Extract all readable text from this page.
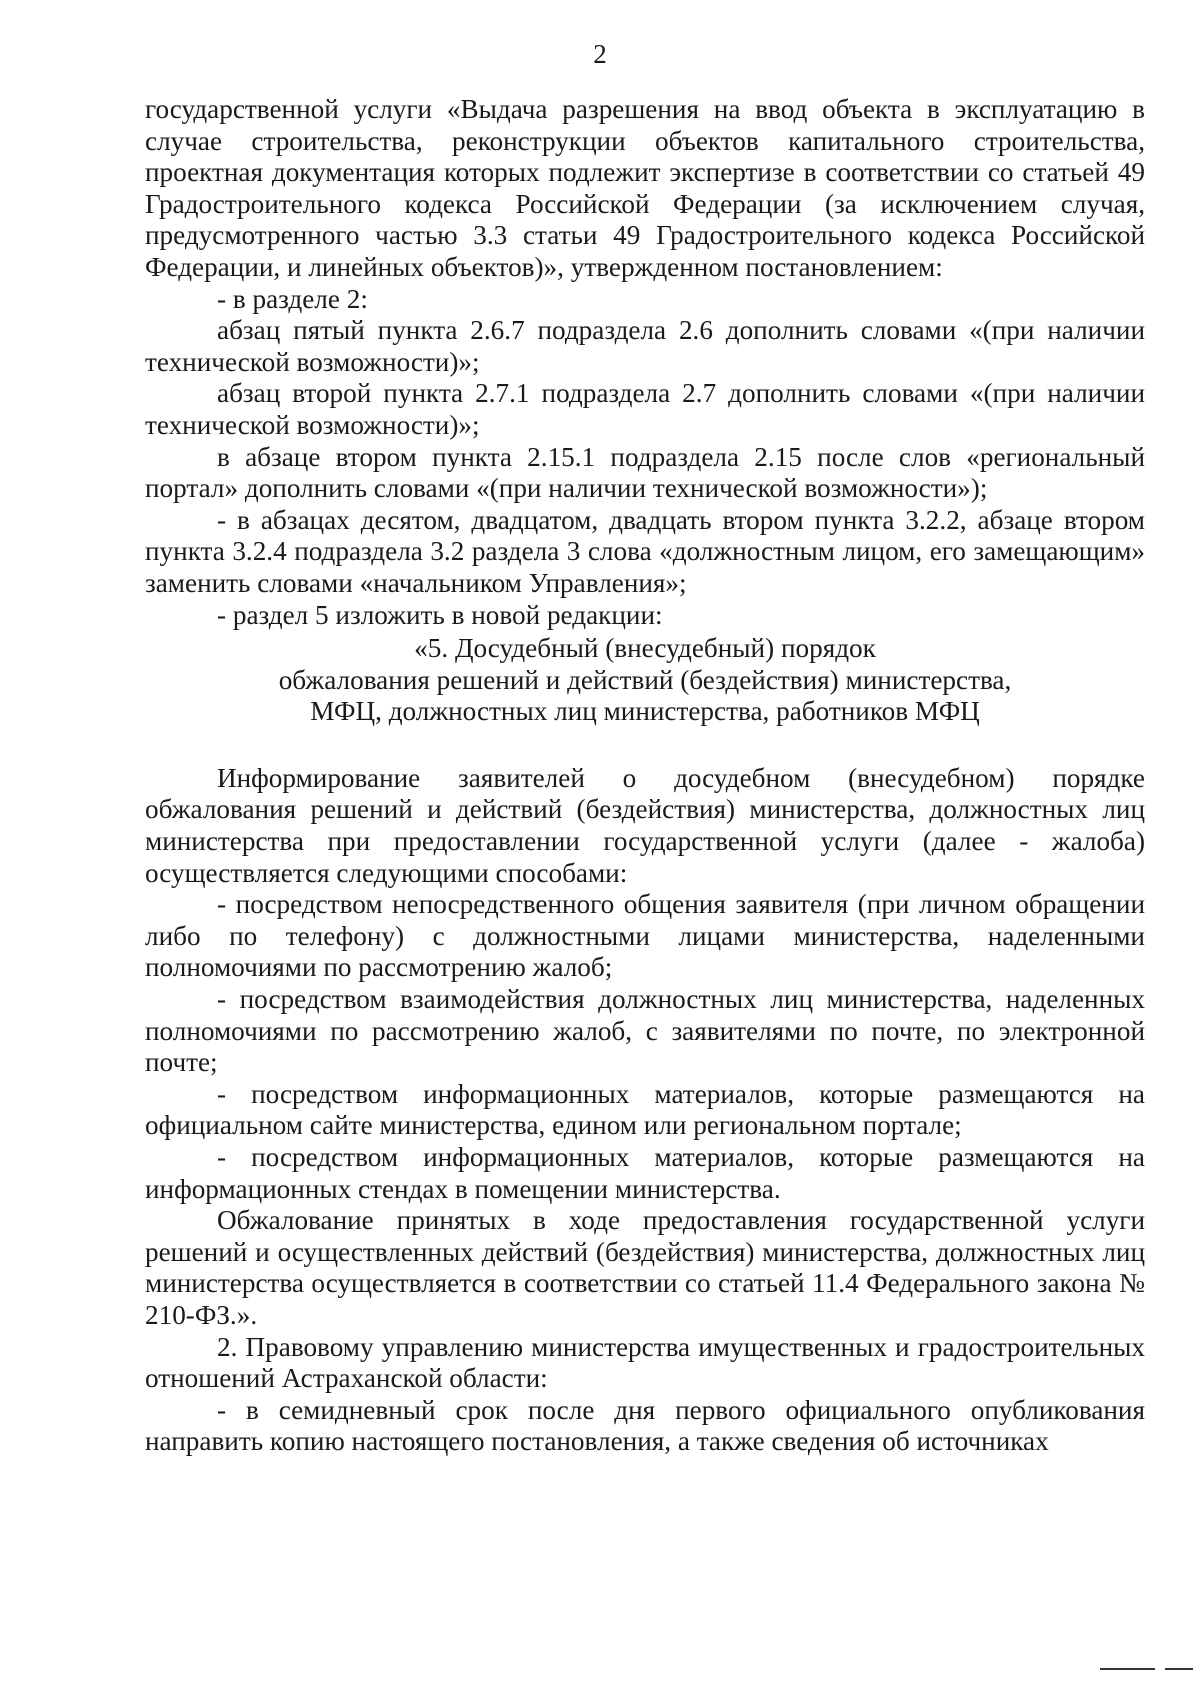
2

государственной услуги «Выдача разрешения на ввод объекта в эксплуатацию в случае строительства, реконструкции объектов капитального строительства, проектная документация которых подлежит экспертизе в соответствии со статьей 49 Градостроительного кодекса Российской Федерации (за исключением случая, предусмотренного частью 3.3 статьи 49 Градостроительного кодекса Российской Федерации, и линейных объектов)», утвержденном постановлением:

- в разделе 2:

абзац пятый пункта 2.6.7 подраздела 2.6 дополнить словами «(при наличии технической возможности)»;

абзац второй пункта 2.7.1 подраздела 2.7 дополнить словами «(при наличии технической возможности)»;

в абзаце втором пункта 2.15.1 подраздела 2.15 после слов «региональный портал» дополнить словами «(при наличии технической возможности»);

- в абзацах десятом, двадцатом, двадцать втором пункта 3.2.2, абзаце втором пункта 3.2.4 подраздела 3.2 раздела 3 слова «должностным лицом, его замещающим» заменить словами «начальником Управления»;

- раздел 5 изложить в новой редакции:

«5. Досудебный (внесудебный) порядок
обжалования решений и действий (бездействия) министерства,
МФЦ, должностных лиц министерства, работников МФЦ

Информирование заявителей о досудебном (внесудебном) порядке обжалования решений и действий (бездействия) министерства, должностных лиц министерства при предоставлении государственной услуги (далее - жалоба) осуществляется следующими способами:

- посредством непосредственного общения заявителя (при личном обращении либо по телефону) с должностными лицами министерства, наделенными полномочиями по рассмотрению жалоб;

- посредством взаимодействия должностных лиц министерства, наделенных полномочиями по рассмотрению жалоб, с заявителями по почте, по электронной почте;

- посредством информационных материалов, которые размещаются на официальном сайте министерства, едином или региональном портале;

- посредством информационных материалов, которые размещаются на информационных стендах в помещении министерства.

Обжалование принятых в ходе предоставления государственной услуги решений и осуществленных действий (бездействия) министерства, должностных лиц министерства осуществляется в соответствии со статьей 11.4 Федерального закона № 210-ФЗ.».

2. Правовому управлению министерства имущественных и градостроительных отношений Астраханской области:

- в семидневный срок после дня первого официального опубликования направить копию настоящего постановления, а также сведения об источниках
